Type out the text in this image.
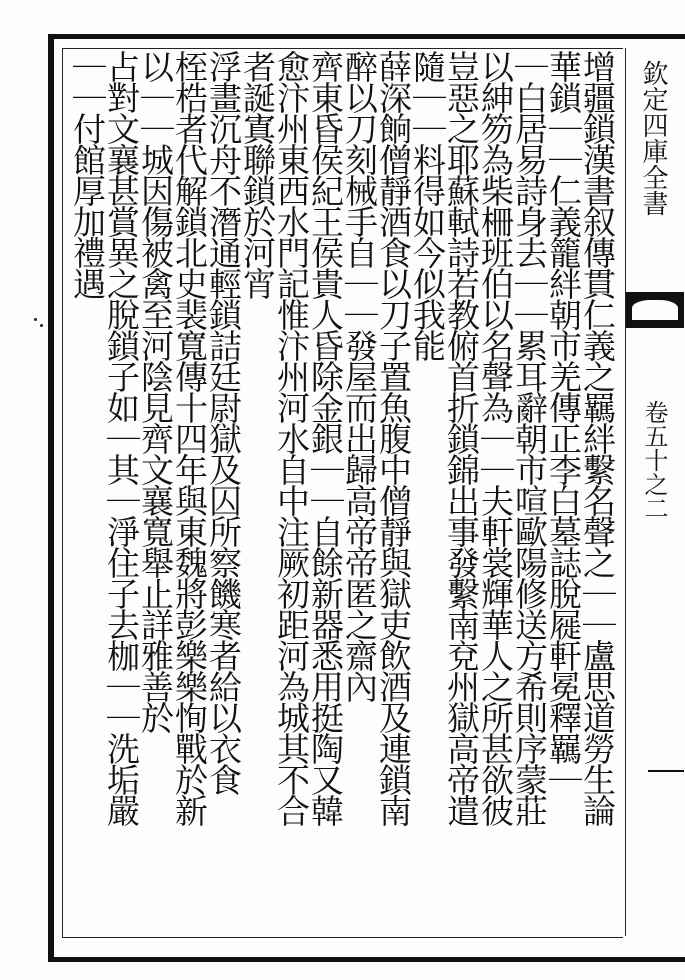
欽定四庫全書
卷五十之二
增疆鎖漢書叙傳貫仁義之羈絆繫名聲之｜｜盧思道勞生論
華鎖｜｜仁義籠絆朝市羌傳正李白墓誌脫屣軒冕釋羈｜
｜白居易詩身去｜｜累耳辭朝市喧歐陽修送方希則序蒙莊
以紳笏為柴柵班伯以名聲為｜｜夫軒裳輝華人之所甚欲彼
豈惡之耶蘇軾詩若教俯首折鎖錦出事發繫南兗州獄高帝遣
隨｜｜料得如今似我能
薛深餉僧靜酒食以刀子置魚腹中僧靜與獄吏飲酒及連鎖南
醉以刀刻械手自｜｜發屋而出歸高帝帝匿之齋內
齊東昏侯紀王侯貴人昏除金銀｜｜自餘新器悉用挺陶又韓
愈汴州東西水門記惟汴州河水自中注厥初距河為城其不合
者誕寘聯鎖於河宵
浮畫沉舟不潛通輕鎖詰廷尉獄及囚所察饑寒者給以衣食
桎梏者代解鎖北史裴寬傳十四年與東魏將彭樂樂恂戰於新
以｜｜城因傷被禽至河陰見齊文襄寬舉止詳雅善於
占對文襄甚賞異之脫鎖子如｜其｜淨住子去枷｜｜洗垢嚴
｜｜付館厚加禮遇
